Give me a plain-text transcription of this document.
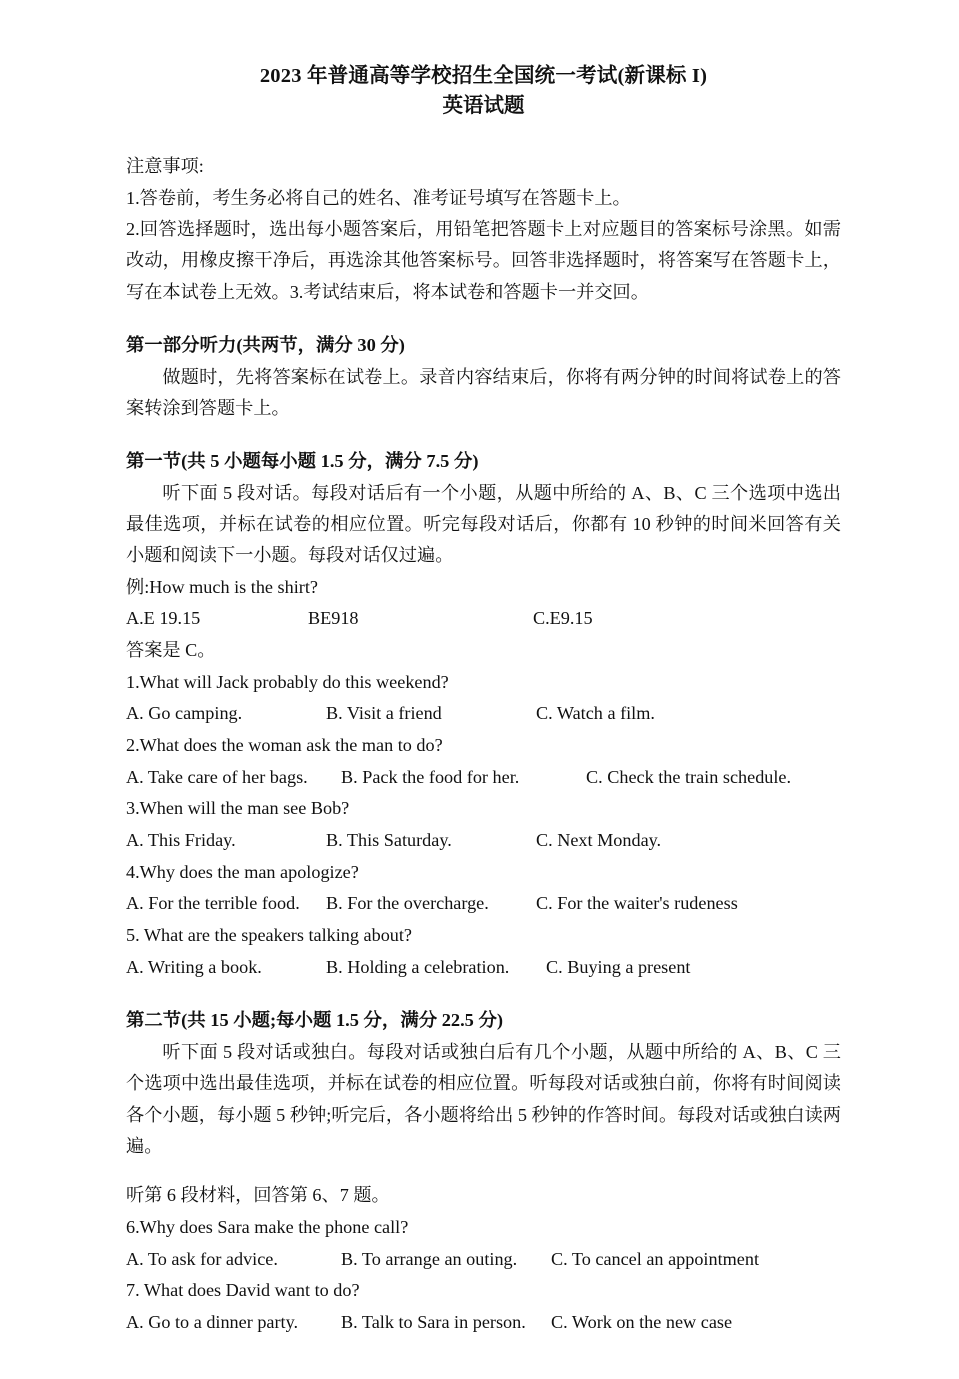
2023 年普通高等学校招生全国统一考试(新课标 I)
英语试题

注意事项:

1.答卷前，考生务必将自己的姓名、准考证号填写在答题卡上。

2.回答选择题时，选出每小题答案后，用铅笔把答题卡上对应题目的答案标号涂黑。如需改动，用橡皮擦干净后，再选涂其他答案标号。回答非选择题时，将答案写在答题卡上，写在本试卷上无效。3.考试结束后，将本试卷和答题卡一并交回。

第一部分听力(共两节，满分 30 分)

做题时，先将答案标在试卷上。录音内容结束后，你将有两分钟的时间将试卷上的答案转涂到答题卡上。

第一节(共 5 小题每小题 1.5 分，满分 7.5 分)

听下面 5 段对话。每段对话后有一个小题，从题中所给的 A、B、C 三个选项中选出最佳选项，并标在试卷的相应位置。听完每段对话后，你都有 10 秒钟的时间米回答有关小题和阅读下一小题。每段对话仅过遍。

例:How much is the shirt?

A.E 19.15	BE918	C.E9.15

答案是 C。

1.What will Jack probably do this weekend?

A. Go camping.	B. Visit a friend	C. Watch a film.

2.What does the woman ask the man to do?

A. Take care of her bags. B. Pack the food for her.	C. Check the train schedule.

3.When will the man see Bob?

A. This Friday.	B. This Saturday.	C. Next Monday.

4.Why does the man apologize?

A. For the terrible food. B. For the overcharge.	C. For the waiter's rudeness

5. What are the speakers talking about?

A. Writing a book.	B. Holding a celebration. C. Buying a present

第二节(共 15 小题;每小题 1.5 分，满分 22.5 分)

听下面 5 段对话或独白。每段对话或独白后有几个小题，从题中所给的 A、B、C 三个选项中选出最佳选项，并标在试卷的相应位置。听每段对话或独白前，你将有时间阅读各个小题，每小题 5 秒钟;听完后，各小题将给出 5 秒钟的作答时间。每段对话或独白读两遍。

听第 6 段材料，回答第 6、7 题。

6.Why does Sara make the phone call?

A. To ask for advice.	B. To arrange an outing. C. To cancel an appointment

7. What does David want to do?

A. Go to a dinner party. B. Talk to Sara in person. C. Work on the new case
